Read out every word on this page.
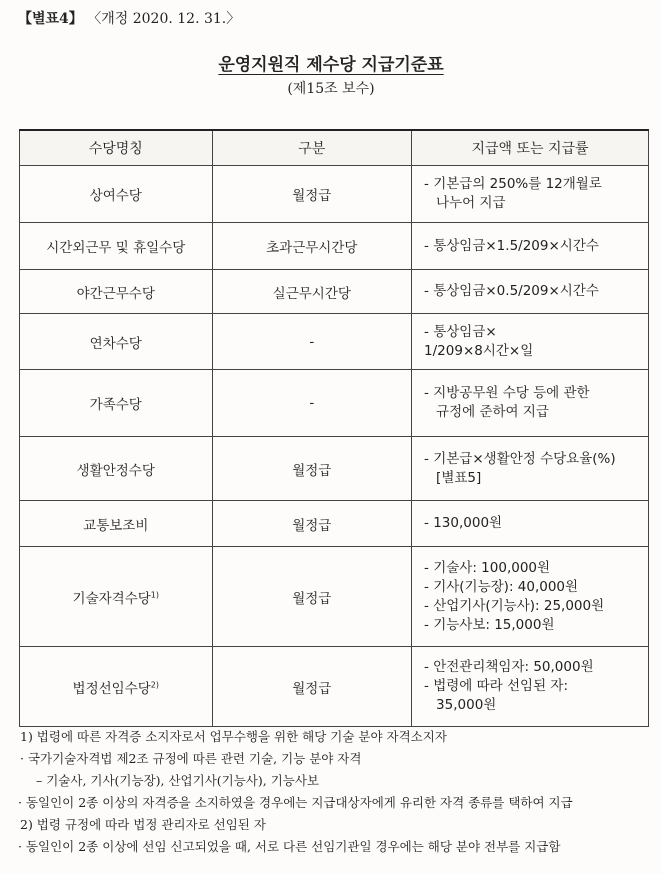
【별표4】 〈개정 2020. 12. 31.〉
운영지원직 제수당 지급기준표
(제15조 보수)
수당명칭	구분	지급액 또는 지급률
상여수당	월정급	- 기본급의 250%를 12개월로
나누어 지급

시간외근무 및 휴일수당	초과근무시간당	- 통상임금×1.5/209×시간수

야간근무수당	실근무시간당	- 통상임금×0.5/209×시간수

연차수당	-	- 통상임금×
1/209×8시간×일

가족수당	-	- 지방공무원 수당 등에 관한
규정에 준하여 지급

생활안정수당	월정급	- 기본급×생활안정 수당요율(%)
[별표5]

교통보조비	월정급	- 130,000원

기술자격수당$^{1)}$	월정급	- 기술사: 100,000원
- 기사(기능장): 40,000원
- 산업기사(기능사): 25,000원
- 기능사보: 15,000원

법정선임수당$^{2)}$	월정급	- 안전관리책임자: 50,000원
- 법령에 따라 선임된 자:
35,000원
1) 법령에 따른 자격증 소지자로서 업무수행을 위한 해당 기술 분야 자격소지자
· 국가기술자격법 제2조 규정에 따른 관련 기술, 기능 분야 자격
– 기술사, 기사(기능장), 산업기사(기능사), 기능사보
· 동일인이 2종 이상의 자격증을 소지하였을 경우에는 지급대상자에게 유리한 자격 종류를 택하여 지급
2) 법령 규정에 따라 법정 관리자로 선임된 자
· 동일인이 2종 이상에 선임 신고되었을 때, 서로 다른 선임기관일 경우에는 해당 분야 전부를 지급함
